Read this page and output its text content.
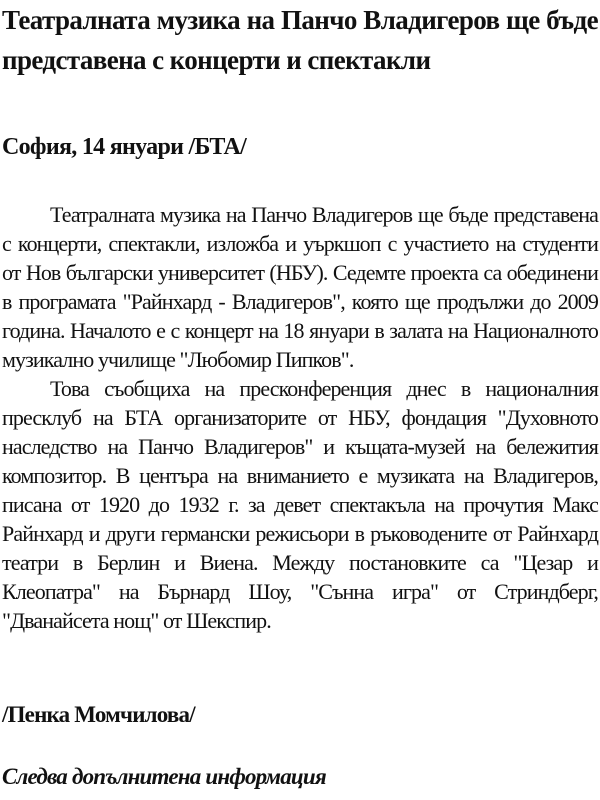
Театралната музика на Панчо Владигеров ще бъде
представена с концерти и спектакли
София, 14 януари /БТА/

Театралната музика на Панчо Владигеров ще бъде представена с концерти, спектакли, изложба и уъркшоп с участието на студенти от Нов български университет (НБУ). Седемте проекта са обединени в програмата "Райнхард - Владигеров", която ще продължи до 2009 година. Началото е с концерт на 18 януари в залата на Националното музикално училище "Любомир Пипков".

Това съобщиха на пресконференция днес в националния пресклуб на БТА организаторите от НБУ, фондация "Духовното наследство на Панчо Владигеров" и къщата-музей на бележития композитор. В центъра на вниманието е музиката на Владигеров, писана от 1920 до 1932 г. за девет спектакъла на прочутия Макс Райнхард и други германски режисьори в ръководените от Райнхард театри в Берлин и Виена. Между постановките са "Цезар и Клеопатра" на Бърнард Шоу, "Сънна игра" от Стриндберг, "Дванайсета нощ" от Шекспир.

/Пенка Момчилова/
Следва допълнитена информация
